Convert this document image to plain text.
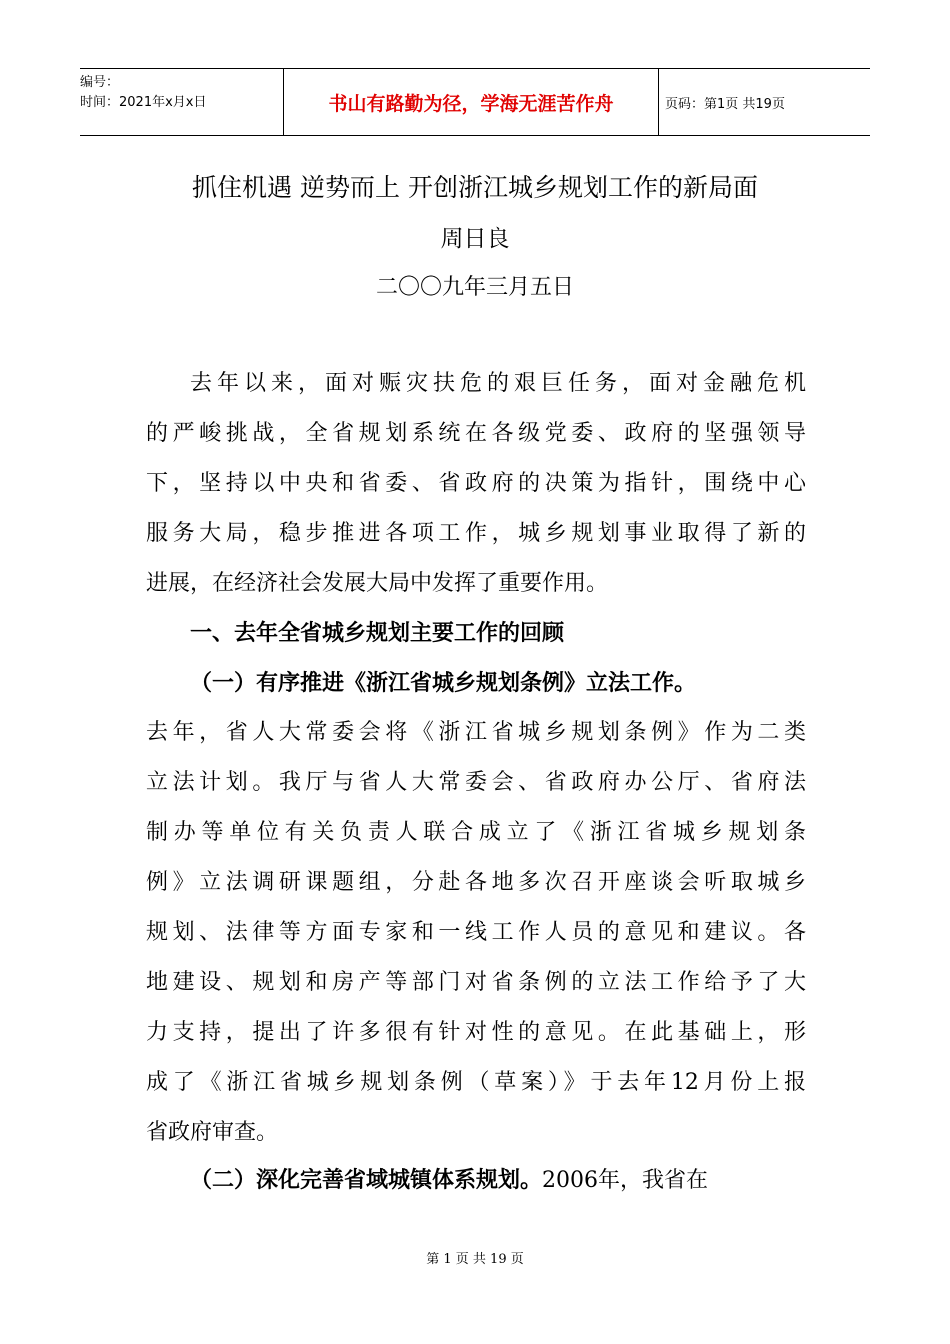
编号：
时间：2021年x月x日	书山有路勤为径，学海无涯苦作舟	页码：第1页 共19页
抓住机遇 逆势而上 开创浙江城乡规划工作的新局面
周日良
二〇〇九年三月五日
去年以来，面对赈灾扶危的艰巨任务，面对金融危机
的严峻挑战，全省规划系统在各级党委、政府的坚强领导
下，坚持以中央和省委、省政府的决策为指针，围绕中心
服务大局，稳步推进各项工作，城乡规划事业取得了新的
进展，在经济社会发展大局中发挥了重要作用。
一、去年全省城乡规划主要工作的回顾
（一）有序推进《浙江省城乡规划条例》立法工作。
去年，省人大常委会将《浙江省城乡规划条例》作为二类
立法计划。我厅与省人大常委会、省政府办公厅、省府法
制办等单位有关负责人联合成立了《浙江省城乡规划条
例》立法调研课题组，分赴各地多次召开座谈会听取城乡
规划、法律等方面专家和一线工作人员的意见和建议。各
地建设、规划和房产等部门对省条例的立法工作给予了大
力支持，提出了许多很有针对性的意见。在此基础上，形
成了《浙江省城乡规划条例（草案）》于去年12月份上报
省政府审查。
（二）深化完善省域城镇体系规划。2006年，我省在
第 1 页 共 19 页
